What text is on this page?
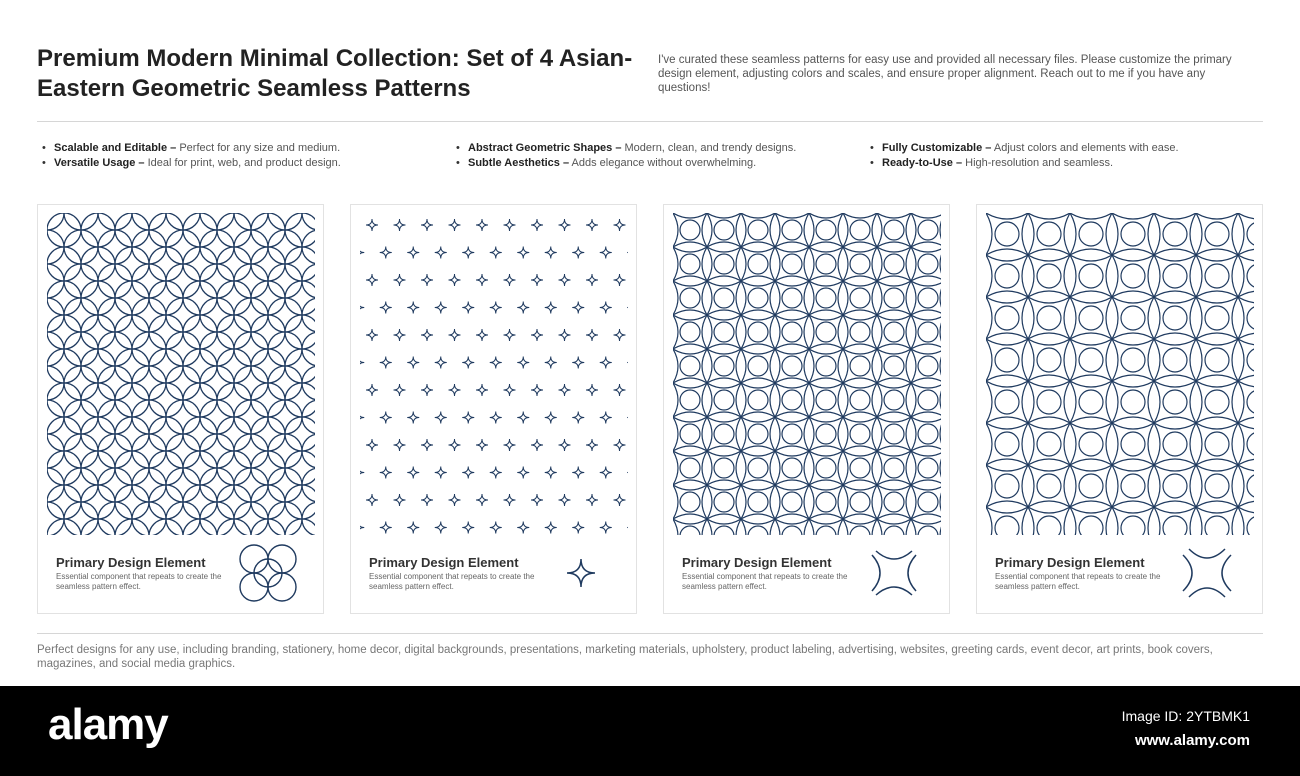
Premium Modern Minimal Collection: Set of 4 Asian-Eastern Geometric Seamless Patterns

I've curated these seamless patterns for easy use and provided all necessary files. Please customize the primary design element, adjusting colors and scales, and ensure proper alignment. Reach out to me if you have any questions!

• Scalable and Editable – Perfect for any size and medium.
• Versatile Usage – Ideal for print, web, and product design.
• Abstract Geometric Shapes – Modern, clean, and trendy designs.
• Subtle Aesthetics – Adds elegance without overwhelming.
• Fully Customizable – Adjust colors and elements with ease.
• Ready-to-Use – High-resolution and seamless.
Primary Design Element
Essential component that repeats to create the seamless pattern effect.
Primary Design Element
Essential component that repeats to create the seamless pattern effect.
Primary Design Element
Essential component that repeats to create the seamless pattern effect.
Primary Design Element
Essential component that repeats to create the seamless pattern effect.

Perfect designs for any use, including branding, stationery, home decor, digital backgrounds, presentations, marketing materials, upholstery, product labeling, advertising, websites, greeting cards, event decor, art prints, book covers, magazines, and social media graphics.

alamy	Image ID: 2YTBMK1
www.alamy.com
